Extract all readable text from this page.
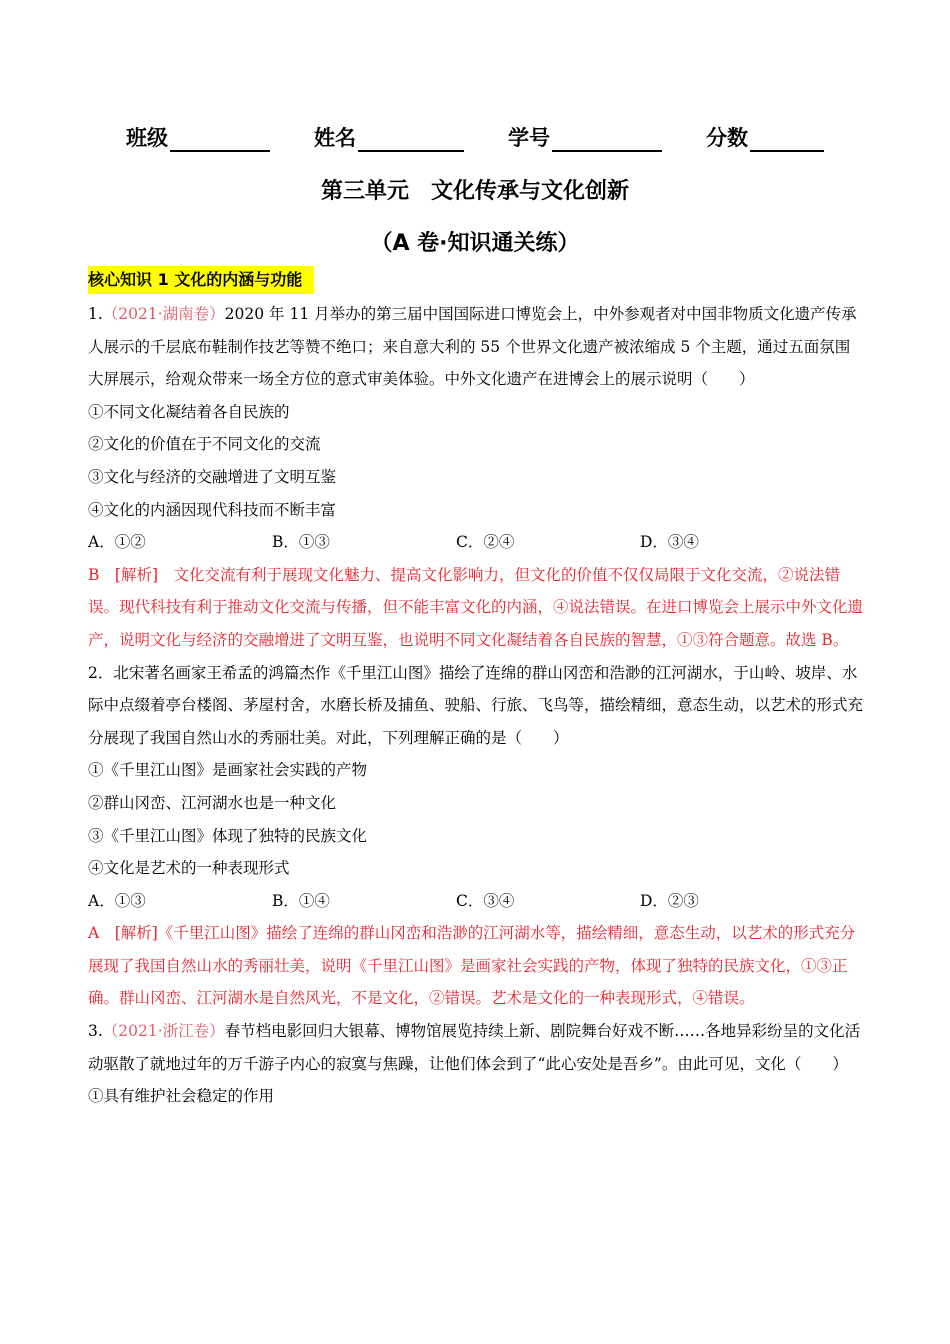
班级	姓名	学号	分数
第三单元　文化传承与文化创新
（A 卷·知识通关练）

核心知识 1 文化的内涵与功能

1.（2021·湖南卷）2020 年 11 月举办的第三届中国国际进口博览会上，中外参观者对中国非物质文化遗产传承人展示的千层底布鞋制作技艺等赞不绝口；来自意大利的 55 个世界文化遗产被浓缩成 5 个主题，通过五面氛围大屏展示，给观众带来一场全方位的意式审美体验。中外文化遗产在进博会上的展示说明（　　）

①不同文化凝结着各自民族的

②文化的价值在于不同文化的交流

③文化与经济的交融增进了文明互鉴

④文化的内涵因现代科技而不断丰富

A．①②	B．①③	C．②④	D．③④

B　[解析]　文化交流有利于展现文化魅力、提高文化影响力，但文化的价值不仅仅局限于文化交流，②说法错误。现代科技有利于推动文化交流与传播，但不能丰富文化的内涵，④说法错误。在进口博览会上展示中外文化遗产，说明文化与经济的交融增进了文明互鉴，也说明不同文化凝结着各自民族的智慧，①③符合题意。故选 B。

2．北宋著名画家王希孟的鸿篇杰作《千里江山图》描绘了连绵的群山冈峦和浩渺的江河湖水，于山岭、坡岸、水际中点缀着亭台楼阁、茅屋村舍，水磨长桥及捕鱼、驶船、行旅、飞鸟等，描绘精细，意态生动，以艺术的形式充分展现了我国自然山水的秀丽壮美。对此，下列理解正确的是（　　）

①《千里江山图》是画家社会实践的产物

②群山冈峦、江河湖水也是一种文化

③《千里江山图》体现了独特的民族文化

④文化是艺术的一种表现形式

A．①③	B．①④	C．③④	D．②③

A　[解析]《千里江山图》描绘了连绵的群山冈峦和浩渺的江河湖水等，描绘精细，意态生动，以艺术的形式充分展现了我国自然山水的秀丽壮美，说明《千里江山图》是画家社会实践的产物，体现了独特的民族文化，①③正确。群山冈峦、江河湖水是自然风光，不是文化，②错误。艺术是文化的一种表现形式，④错误。

3.（2021·浙江卷）春节档电影回归大银幕、博物馆展览持续上新、剧院舞台好戏不断……各地异彩纷呈的文化活动驱散了就地过年的万千游子内心的寂寞与焦躁，让他们体会到了“此心安处是吾乡”。由此可见，文化（　　）

①具有维护社会稳定的作用
